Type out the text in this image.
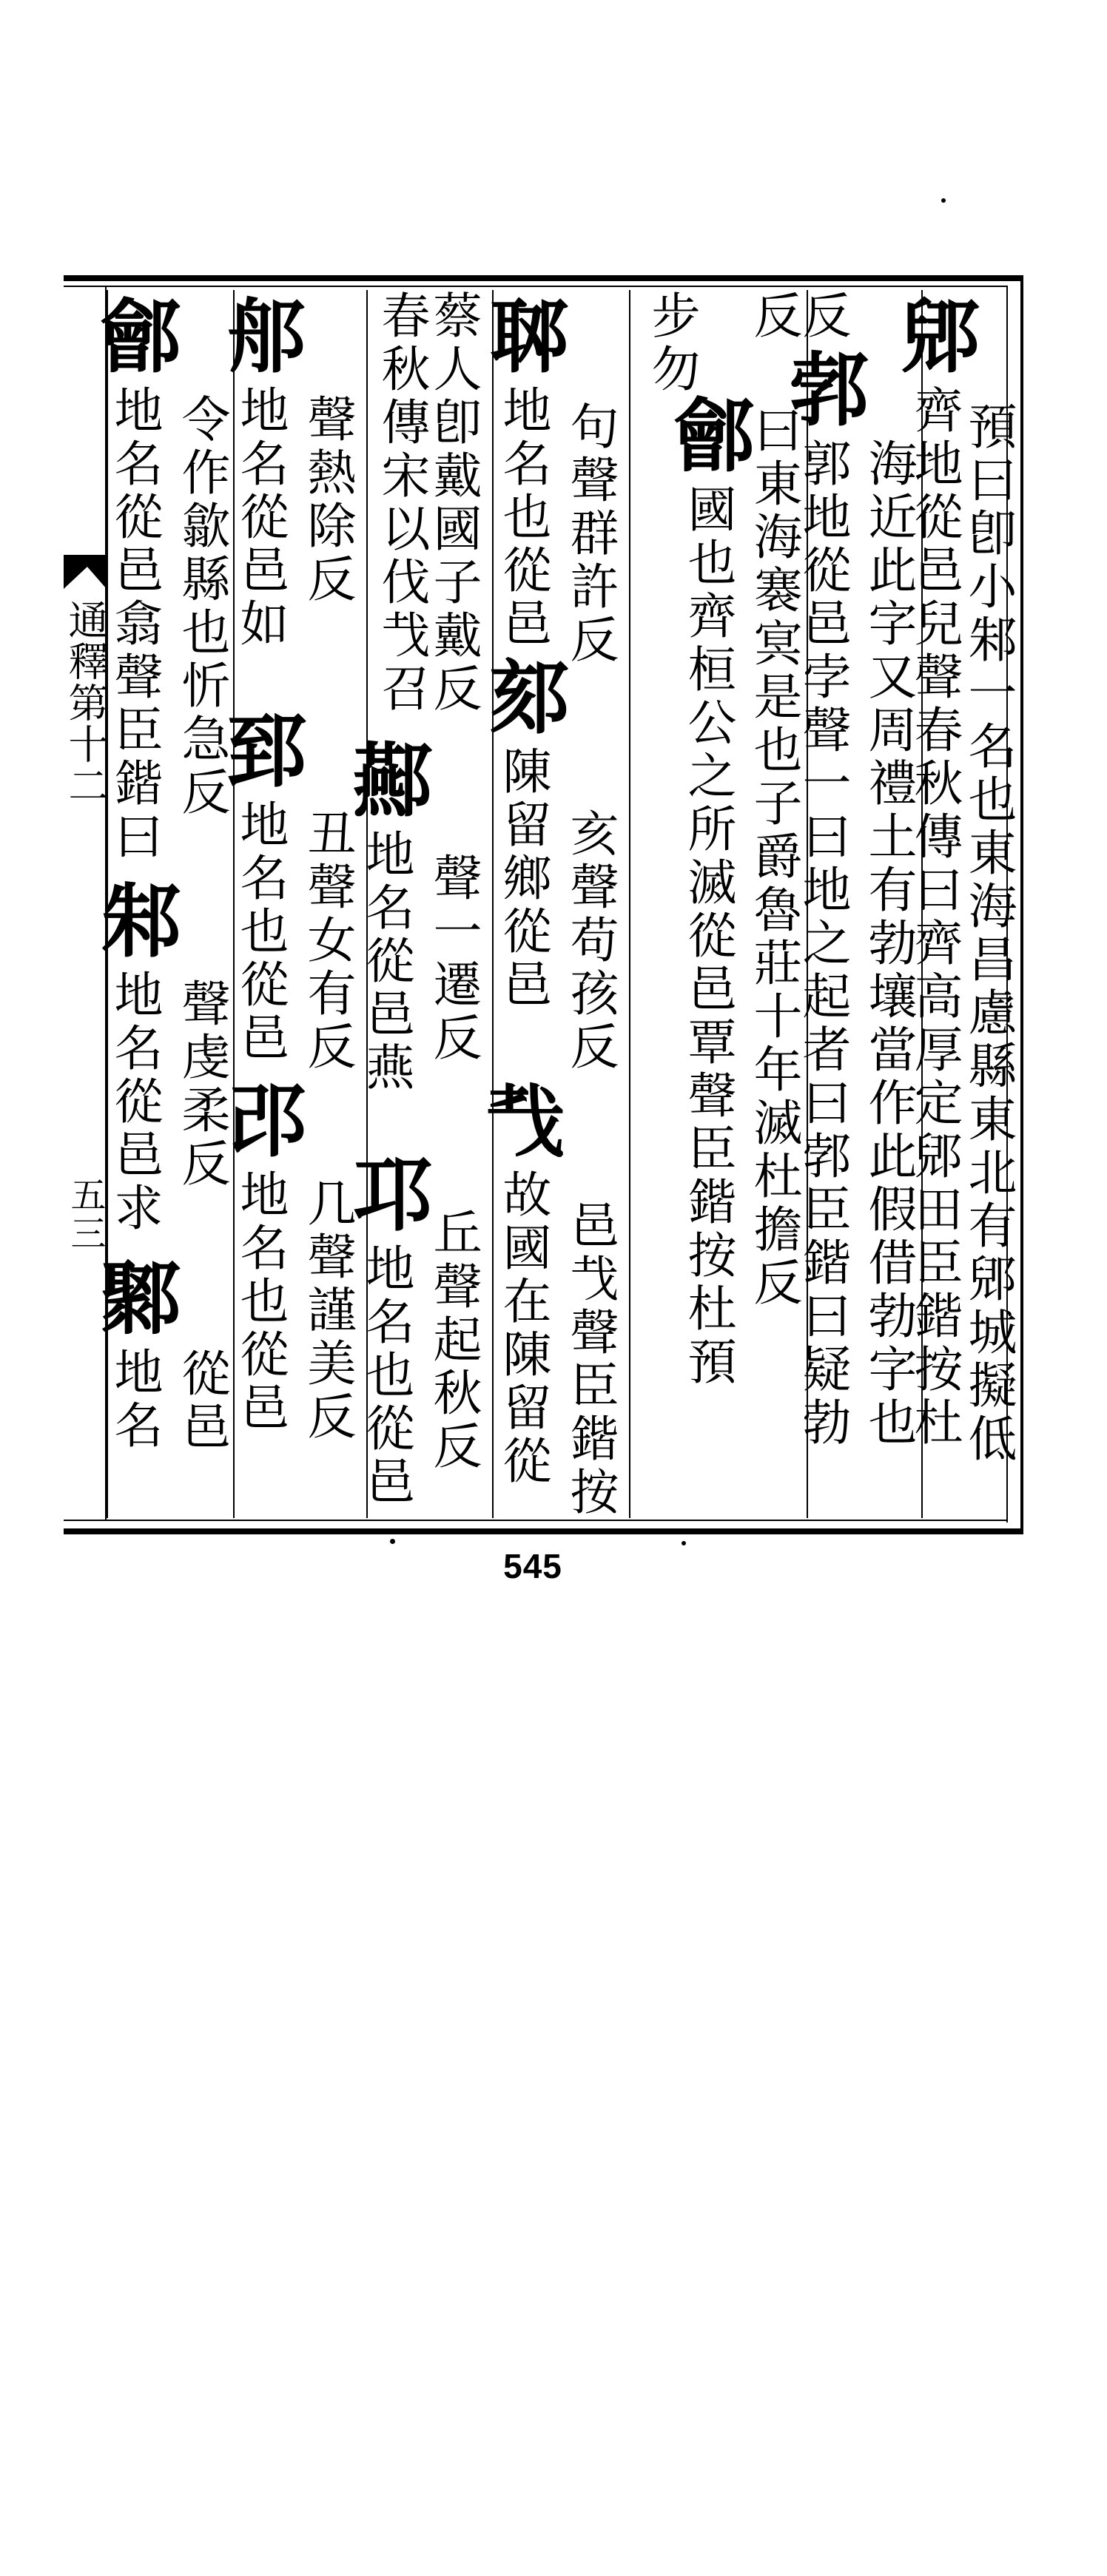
通釋第十二
五三
郳齊地從邑兒聲春秋傳曰齊高厚定郳田臣鍇按杜
預曰卽小邾一名也東海昌慮縣東北有郳城擬低
反郣郭地從邑孛聲一曰地之起者曰郣臣鍇曰疑勃 海近此字又周禮土有勃壤當作此假借勃字也
步勿
鄶國也齊桓公之所滅從邑覃聲臣鍇按杜預 反 曰東海褰㝠是也子爵魯莊十年滅杜擔反
郰地名也從邑郂陳留鄉從邑
句聲群許反
亥聲苟孩反
𢦒故國在陳留從 邑𢦏聲臣鍇按
春秋傳宋以伐𢦏召
蔡人卽戴國子戴反
酀地名從邑燕 聲一遷反
邛地名也從邑 丘聲起秋反
郍地名從邑如 聲熱除反
郅地名也從邑 丑聲女有反
邔地名也從邑 几聲謹美反
鄶地名從邑翕聲臣鍇曰 令作歙縣也忻急反
邾地名從邑求 聲虔柔反
鄹地名 從邑
545
